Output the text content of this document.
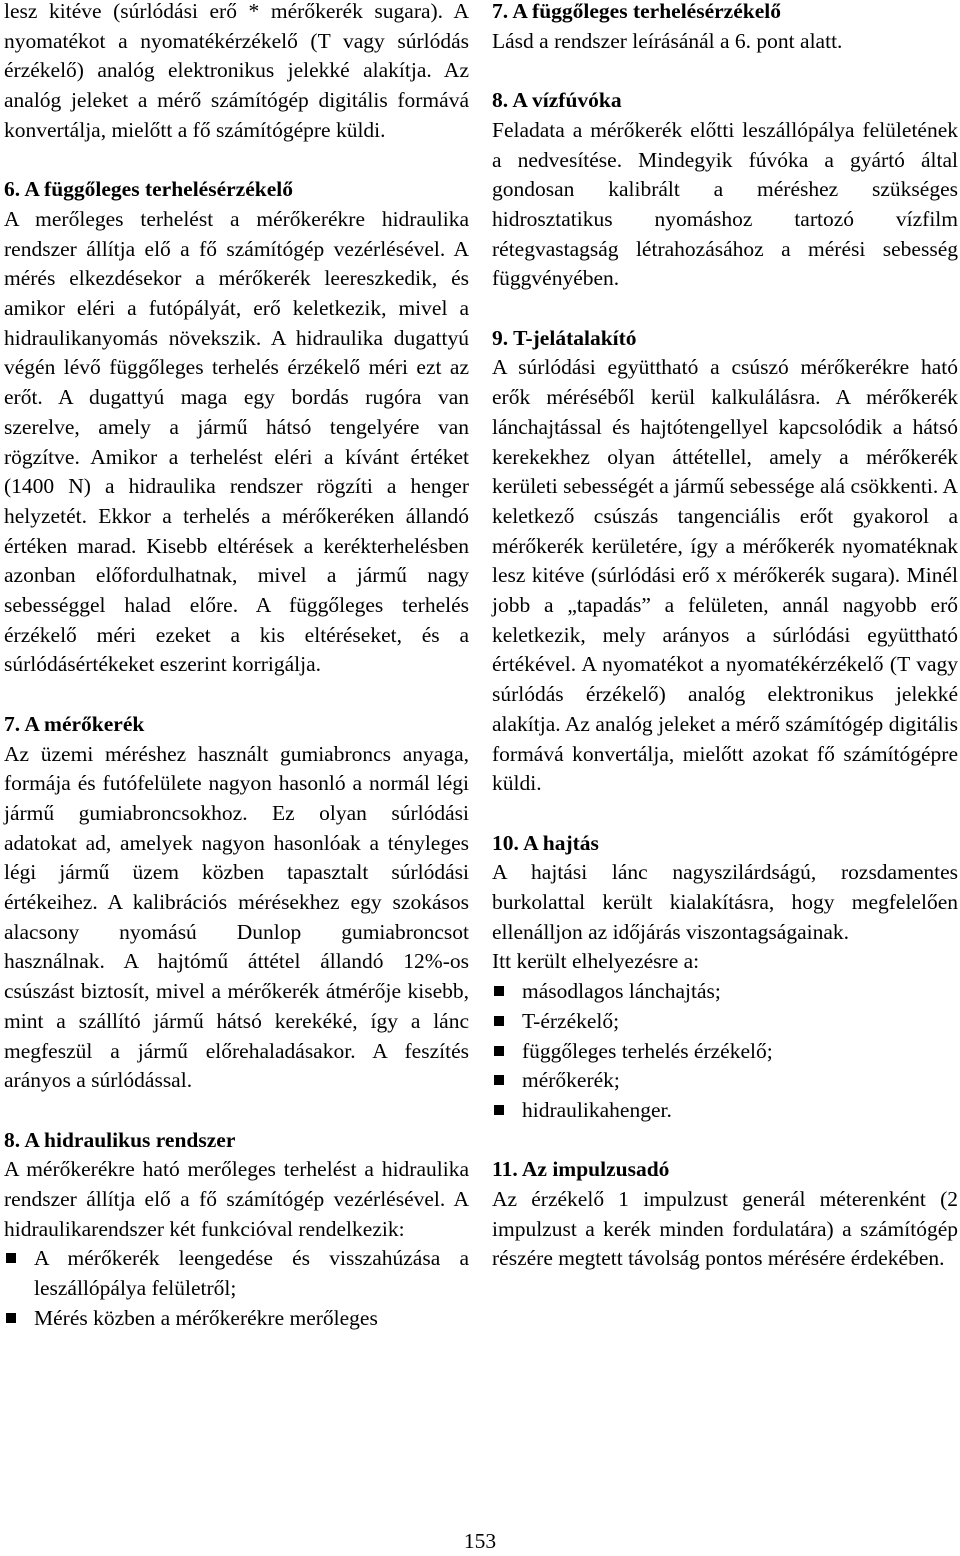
lesz kitéve (súrlódási erő * mérőkerék sugara). A nyomatékot a nyomatékérzékelő (T vagy súrlódás érzékelő) analóg elektronikus jelekké alakítja. Az analóg jeleket a mérő számítógép digitális formává konvertálja, mielőtt a fő számítógépre küldi.

6. A függőleges terhelésérzékelő

A merőleges terhelést a mérőkerékre hidraulika rendszer állítja elő a fő számítógép vezérlésével. A mérés elkezdésekor a mérőkerék leereszkedik, és amikor eléri a futópályát, erő keletkezik, mivel a hidraulikanyomás növekszik. A hidraulika dugattyú végén lévő függőleges terhelés érzékelő méri ezt az erőt. A dugattyú maga egy bordás rugóra van szerelve, amely a jármű hátsó tengelyére van rögzítve. Amikor a terhelést eléri a kívánt értéket (1400 N) a hidraulika rendszer rögzíti a henger helyzetét. Ekkor a terhelés a mérőkeréken állandó értéken marad. Kisebb eltérések a kerékterhelésben azonban előfordulhatnak, mivel a jármű nagy sebességgel halad előre. A függőleges terhelés érzékelő méri ezeket a kis eltéréseket, és a súrlódásértékeket eszerint korrigálja.

7. A mérőkerék

Az üzemi méréshez használt gumiabroncs anyaga, formája és futófelülete nagyon hasonló a normál légi jármű gumiabroncsokhoz. Ez olyan súrlódási adatokat ad, amelyek nagyon hasonlóak a tényleges légi jármű üzem közben tapasztalt súrlódási értékeihez. A kalibrációs mérésekhez egy szokásos alacsony nyomású Dunlop gumiabroncsot használnak. A hajtómű áttétel állandó 12%-os csúszást biztosít, mivel a mérőkerék átmérője kisebb, mint a szállító jármű hátsó kerekéké, így a lánc megfeszül a jármű előrehaladásakor. A feszítés arányos a súrlódással.

8. A hidraulikus rendszer

A mérőkerékre ható merőleges terhelést a hidraulika rendszer állítja elő a fő számítógép vezérlésével. A hidraulikarendszer két funkcióval rendelkezik:

A mérőkerék leengedése és visszahúzása a leszállópálya felületről;
Mérés közben a mérőkerékre merőleges
7. A függőleges terhelésérzékelő

Lásd a rendszer leírásánál a 6. pont alatt.

8. A vízfúvóka

Feladata a mérőkerék előtti leszállópálya felületének a nedvesítése. Mindegyik fúvóka a gyártó által gondosan kalibrált a méréshez szükséges hidrosztatikus nyomáshoz tartozó vízfilm rétegvastagság létrahozásához a mérési sebesség függvényében.

9. T-jelátalakító

A súrlódási együttható a csúszó mérőkerékre ható erők méréséből kerül kalkulálásra. A mérőkerék lánchajtással és hajtótengellyel kapcsolódik a hátsó kerekekhez olyan áttétellel, amely a mérőkerék kerületi sebességét a jármű sebessége alá csökkenti. A keletkező csúszás tangenciális erőt gyakorol a mérőkerék kerületére, így a mérőkerék nyomatéknak lesz kitéve (súrlódási erő x mérőkerék sugara). Minél jobb a „tapadás” a felületen, annál nagyobb erő keletkezik, mely arányos a súrlódási együttható értékével. A nyomatékot a nyomatékérzékelő (T vagy súrlódás érzékelő) analóg elektronikus jelekké alakítja. Az analóg jeleket a mérő számítógép digitális formává konvertálja, mielőtt azokat fő számítógépre küldi.

10. A hajtás

A hajtási lánc nagyszilárdságú, rozsdamentes burkolattal került kialakításra, hogy megfelelően ellenálljon az időjárás viszontagságainak.

Itt került elhelyezésre a:

másodlagos lánchajtás;
T-érzékelő;
függőleges terhelés érzékelő;
mérőkerék;
hidraulikahenger.
11. Az impulzusadó

Az érzékelő 1 impulzust generál méterenként (2 impulzust a kerék minden fordulatára) a számítógép részére megtett távolság pontos mérésére érdekében.

153
